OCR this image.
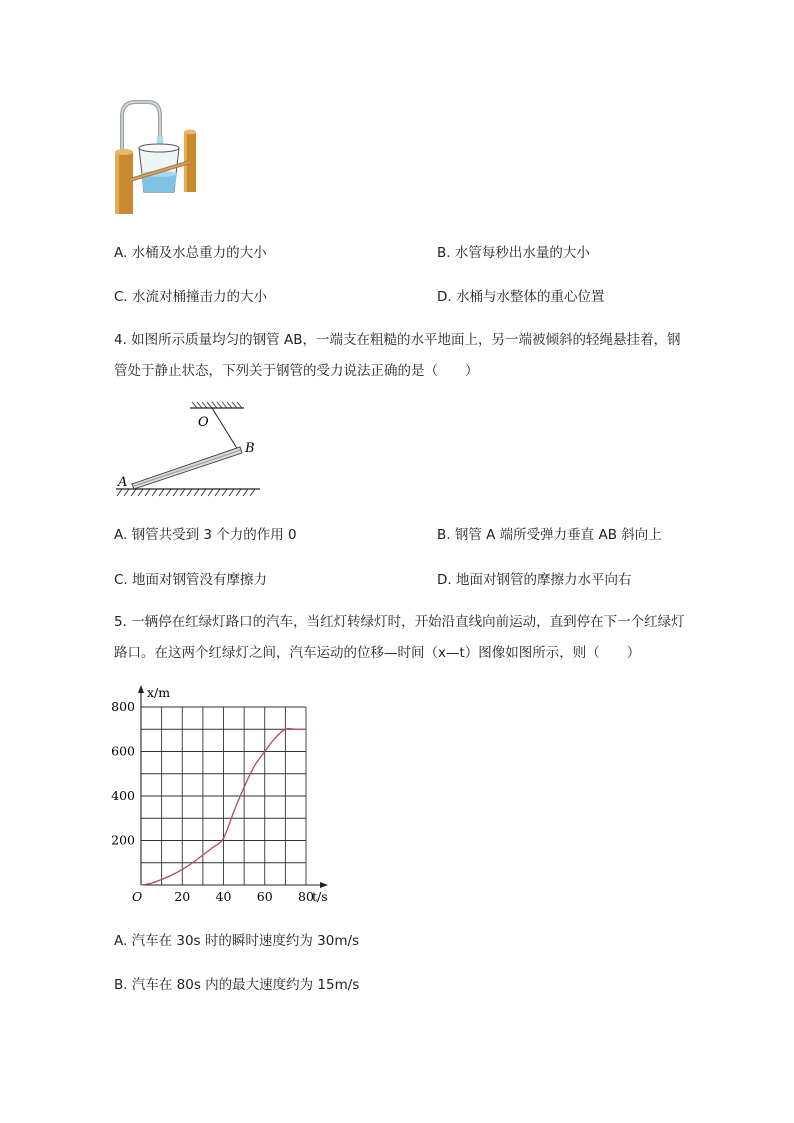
A. 水桶及水总重力的大小	B. 水管每秒出水量的大小
C. 水流对桶撞击力的大小	D. 水桶与水整体的重心位置
4. 如图所示质量均匀的钢管 AB，一端支在粗糙的水平地面上，另一端被倾斜的轻绳悬挂着，钢
管处于静止状态，下列关于钢管的受力说法正确的是（　　）
O
B
A
A. 钢管共受到 3 个力的作用 0	B. 钢管 A 端所受弹力垂直 AB 斜向上
C. 地面对钢管没有摩擦力	D. 地面对钢管的摩擦力水平向右
5. 一辆停在红绿灯路口的汽车，当红灯转绿灯时，开始沿直线向前运动，直到停在下一个红绿灯
路口。在这两个红绿灯之间，汽车运动的位移—时间（x—t）图像如图所示，则（　　）
20 40 60 80
200
400
600
800
x/m
t/s
O
A. 汽车在 30s 时的瞬时速度约为 30m/s
B. 汽车在 80s 内的最大速度约为 15m/s
